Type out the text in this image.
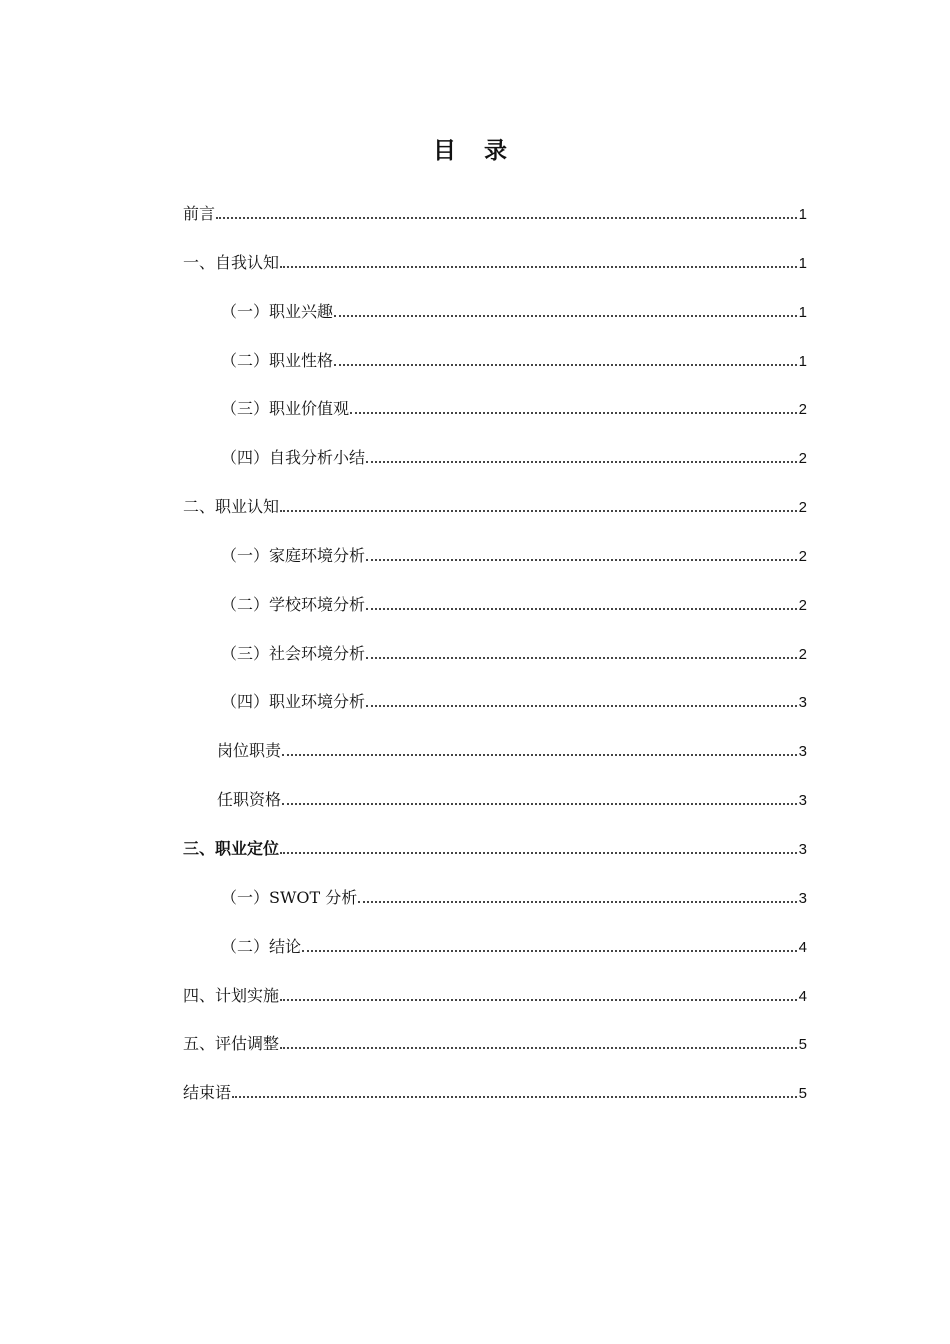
目 录
前言	1
一、自我认知	1
（一）职业兴趣	1
（二）职业性格	1
（三）职业价值观	2
（四）自我分析小结	2
二、职业认知	2
（一）家庭环境分析	2
（二）学校环境分析	2
（三）社会环境分析	2
（四）职业环境分析	3
岗位职责	3
任职资格	3
三、职业定位	3
（一）SWOT 分析	3
（二）结论	4
四、计划实施	4
五、评估调整	5
结束语	5
